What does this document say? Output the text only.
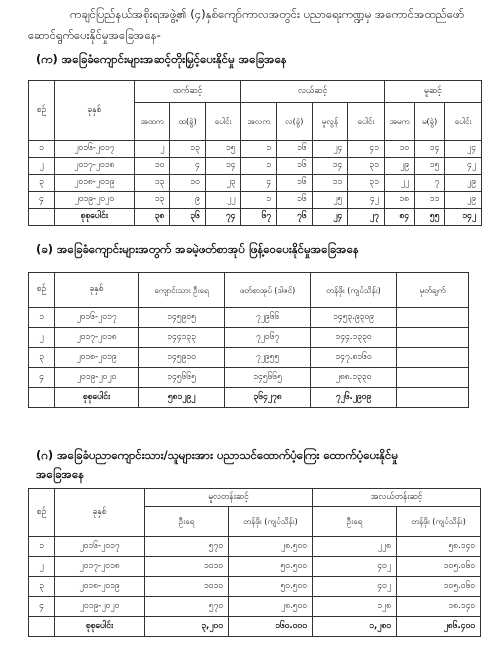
ကချင်ပြည်နယ်အစိုးရအဖွဲ့၏ (၄)နှစ်ကျော်ကာလအတွင်း ပညာရေးကဏ္ဍမှ အကောင်အထည်ဖော်
ဆောင်ရွက်ပေးနိုင်မှုအခြေအနေ-
(က) အခြေခံကျောင်းများအဆင့်တိုးမြှင့်ပေးနိုင်မှု အခြေအနေ
စဉ်	ခုနှစ်	ထက်ဆင့်			လယ်ဆင့်				မူဆင့်		
		အထက	ထ(ခွဲ)	ပေါင်း	အလက	လ(ခွဲ)	မူလွန်	ပေါင်း	အမက	မ(ခွဲ)	ပေါင်း
၁	၂၀၁၆-၂၀၁၇	၂	၁၃	၁၅	၁	၁၆	၂၄	၄၁	၁၀	၁၄	၂၄
၂	၂၀၁၇-၂၀၁၈	၁၀	၄	၁၄	၁	၁၆	၁၄	၃၁	၂၉	၁၅	၄၂
၃	၂၀၁၈-၂၀၁၉	၁၃	၁၀	၂၃	၄	၁၆	၁၁	၃၁	၂၂	၇	၂၉
၄	၂၀၁၉-၂၀၂၀	၁၃	၉	၂၂	၁	၁၆	၂၅	၄၂	၁၈	၁၁	၂၉
	စုစုပေါင်း	၃၈	၃၆	၇၄	၆၇	၇၆	၂၄	၂၇	၈၄	၅၅	၁၄၂
(ခ) အခြေခံကျောင်းများအတွက် အခမဲ့ဖတ်စာအုပ် ဖြန့်ဝေပေးနိုင်မှုအခြေအနေ
စဉ်	ခုနှစ်	ကျောင်းသား ဦးရေ	ဖတ်စာအုပ် (ဒါဇင်)	တန်ဖိုး (ကျပ်သိန်း)	မှတ်ချက်
၁	၂၀၁၆-၂၀၁၇	၁၄၅၉၀၅	၇၂၉၆၆	၁၄၅၃.၉၃၀၉	
၂	၂၀၁၇-၂၀၁၈	၁၄၄၁၃၃	၇၂၀၆၇	၁၄၄.၁၃၃၀	
၃	၂၀၁၈-၂၀၁၉	၁၄၅၉၁၀	၇၂၉၅၅	၁၄၇.၈၁၆၀	
၄	၂၀၁၉-၂၀၂၀	၁၄၅၆၆၅	၁၄၅၆၆၅	၂၈၈.၁၃၃၀	
	စုစုပေါင်း	၅၈၁၂၉၂	၃၆၄၂၇၈	၇၂၆.၂၉၀၉	
(ဂ) အခြေခံပညာကျောင်းသား/သူများအား ပညာသင်ထောက်ပံ့ကြေး ထောက်ပံ့ပေးနိုင်မှု
အခြေအနေ
စဉ်	ခုနှစ်	မူလတန်းဆင့်		အလယ်တန်းဆင့်	
		ဦးရေ	တန်ဖိုး (ကျပ်သိန်း)	ဦးရေ	တန်ဖိုး (ကျပ်သိန်း)
၁	၂၀၁၆-၂၀၁၇	၅၇၀	၂၈.၅၀၀	၂၂၈	၅၈.၁၄၀
၂	၂၀၁၇-၂၀၁၈	၁၀၁၀	၅၀.၅၀၀	၄၀၂	၁၀၅.၀၆၀
၃	၂၀၁၈-၂၀၁၉	၁၀၁၀	၅၀.၅၀၀	၄၀၂	၁၀၅.၀၆၀
၄	၂၀၁၉-၂၀၂၀	၅၇၀	၂၈.၅၀၀	၁၂၈	၁၈.၁၄၀
	စုစုပေါင်း	၃,၂၀၀	၁၆၀.၀၀၀	၁,၂၈၀	၂၈၆.၄၀၀
